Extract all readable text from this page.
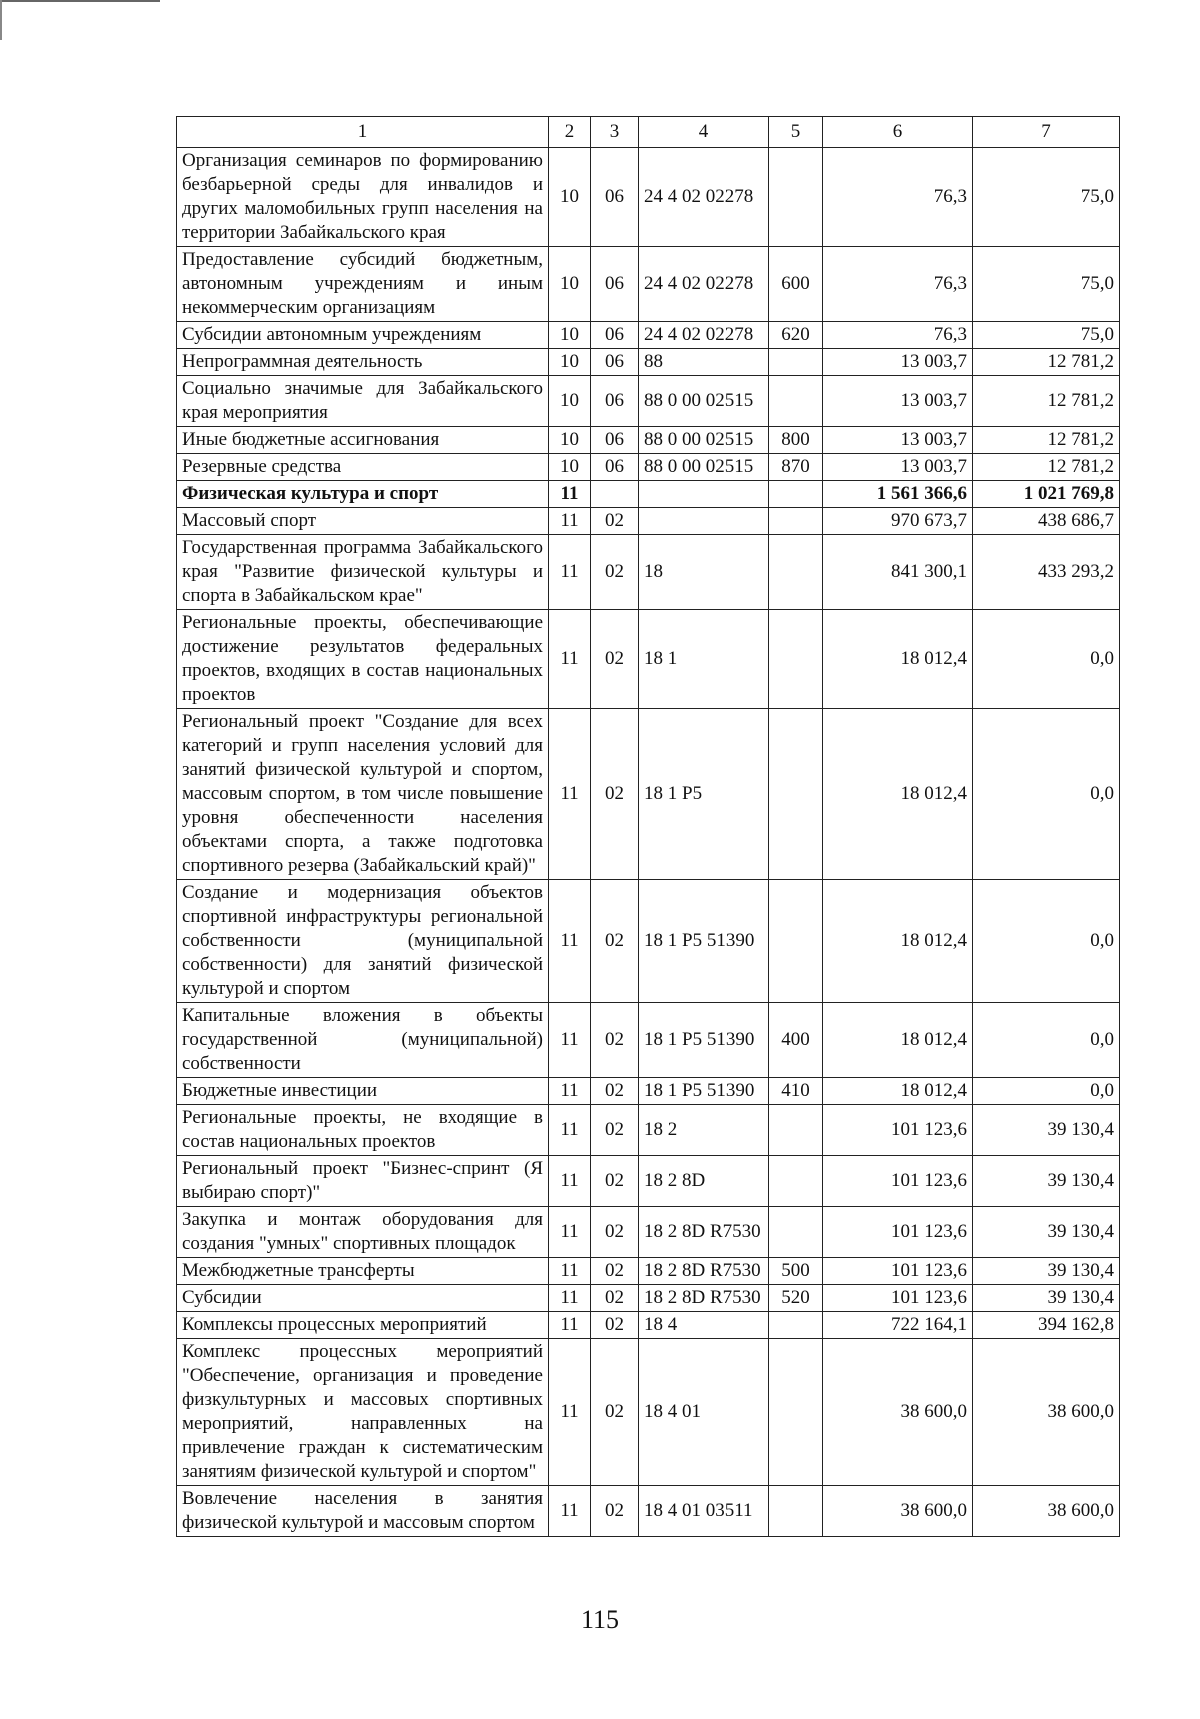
1	2	3	4	5	6	7
Организация семинаров по формированию безбарьерной среды для инвалидов и других маломобильных групп населения на территории Забайкальского края	10	06	24 4 02 02278		76,3	75,0
Предоставление субсидий бюджетным, автономным учреждениям и иным некоммерческим организациям	10	06	24 4 02 02278	600	76,3	75,0
Субсидии автономным учреждениям	10	06	24 4 02 02278	620	76,3	75,0
Непрограммная деятельность	10	06	88		13 003,7	12 781,2
Социально значимые для Забайкальского края мероприятия	10	06	88 0 00 02515		13 003,7	12 781,2
Иные бюджетные ассигнования	10	06	88 0 00 02515	800	13 003,7	12 781,2
Резервные средства	10	06	88 0 00 02515	870	13 003,7	12 781,2
Физическая культура и спорт	11				1 561 366,6	1 021 769,8
Массовый спорт	11	02			970 673,7	438 686,7
Государственная программа Забайкальского края "Развитие физической культуры и спорта в Забайкальском крае"	11	02	18		841 300,1	433 293,2
Региональные проекты, обеспечивающие достижение результатов федеральных проектов, входящих в состав национальных проектов	11	02	18 1		18 012,4	0,0
Региональный проект "Создание для всех категорий и групп населения условий для занятий физической культурой и спортом, массовым спортом, в том числе повышение уровня обеспеченности населения объектами спорта, а также подготовка спортивного резерва (Забайкальский край)"	11	02	18 1 P5		18 012,4	0,0
Создание и модернизация объектов спортивной инфраструктуры региональной собственности (муниципальной собственности) для занятий физической культурой и спортом	11	02	18 1 P5 51390		18 012,4	0,0
Капитальные вложения в объекты государственной (муниципальной) собственности	11	02	18 1 P5 51390	400	18 012,4	0,0
Бюджетные инвестиции	11	02	18 1 P5 51390	410	18 012,4	0,0
Региональные проекты, не входящие в состав национальных проектов	11	02	18 2		101 123,6	39 130,4
Региональный проект "Бизнес-спринт (Я выбираю спорт)"	11	02	18 2 8D		101 123,6	39 130,4
Закупка и монтаж оборудования для создания "умных" спортивных площадок	11	02	18 2 8D R7530		101 123,6	39 130,4
Межбюджетные трансферты	11	02	18 2 8D R7530	500	101 123,6	39 130,4
Субсидии	11	02	18 2 8D R7530	520	101 123,6	39 130,4
Комплексы процессных мероприятий	11	02	18 4		722 164,1	394 162,8
Комплекс процессных мероприятий "Обеспечение, организация и проведение физкультурных и массовых спортивных мероприятий, направленных на привлечение граждан к систематическим занятиям физической культурой и спортом"	11	02	18 4 01		38 600,0	38 600,0
Вовлечение населения в занятия физической культурой и массовым спортом	11	02	18 4 01 03511		38 600,0	38 600,0
115
